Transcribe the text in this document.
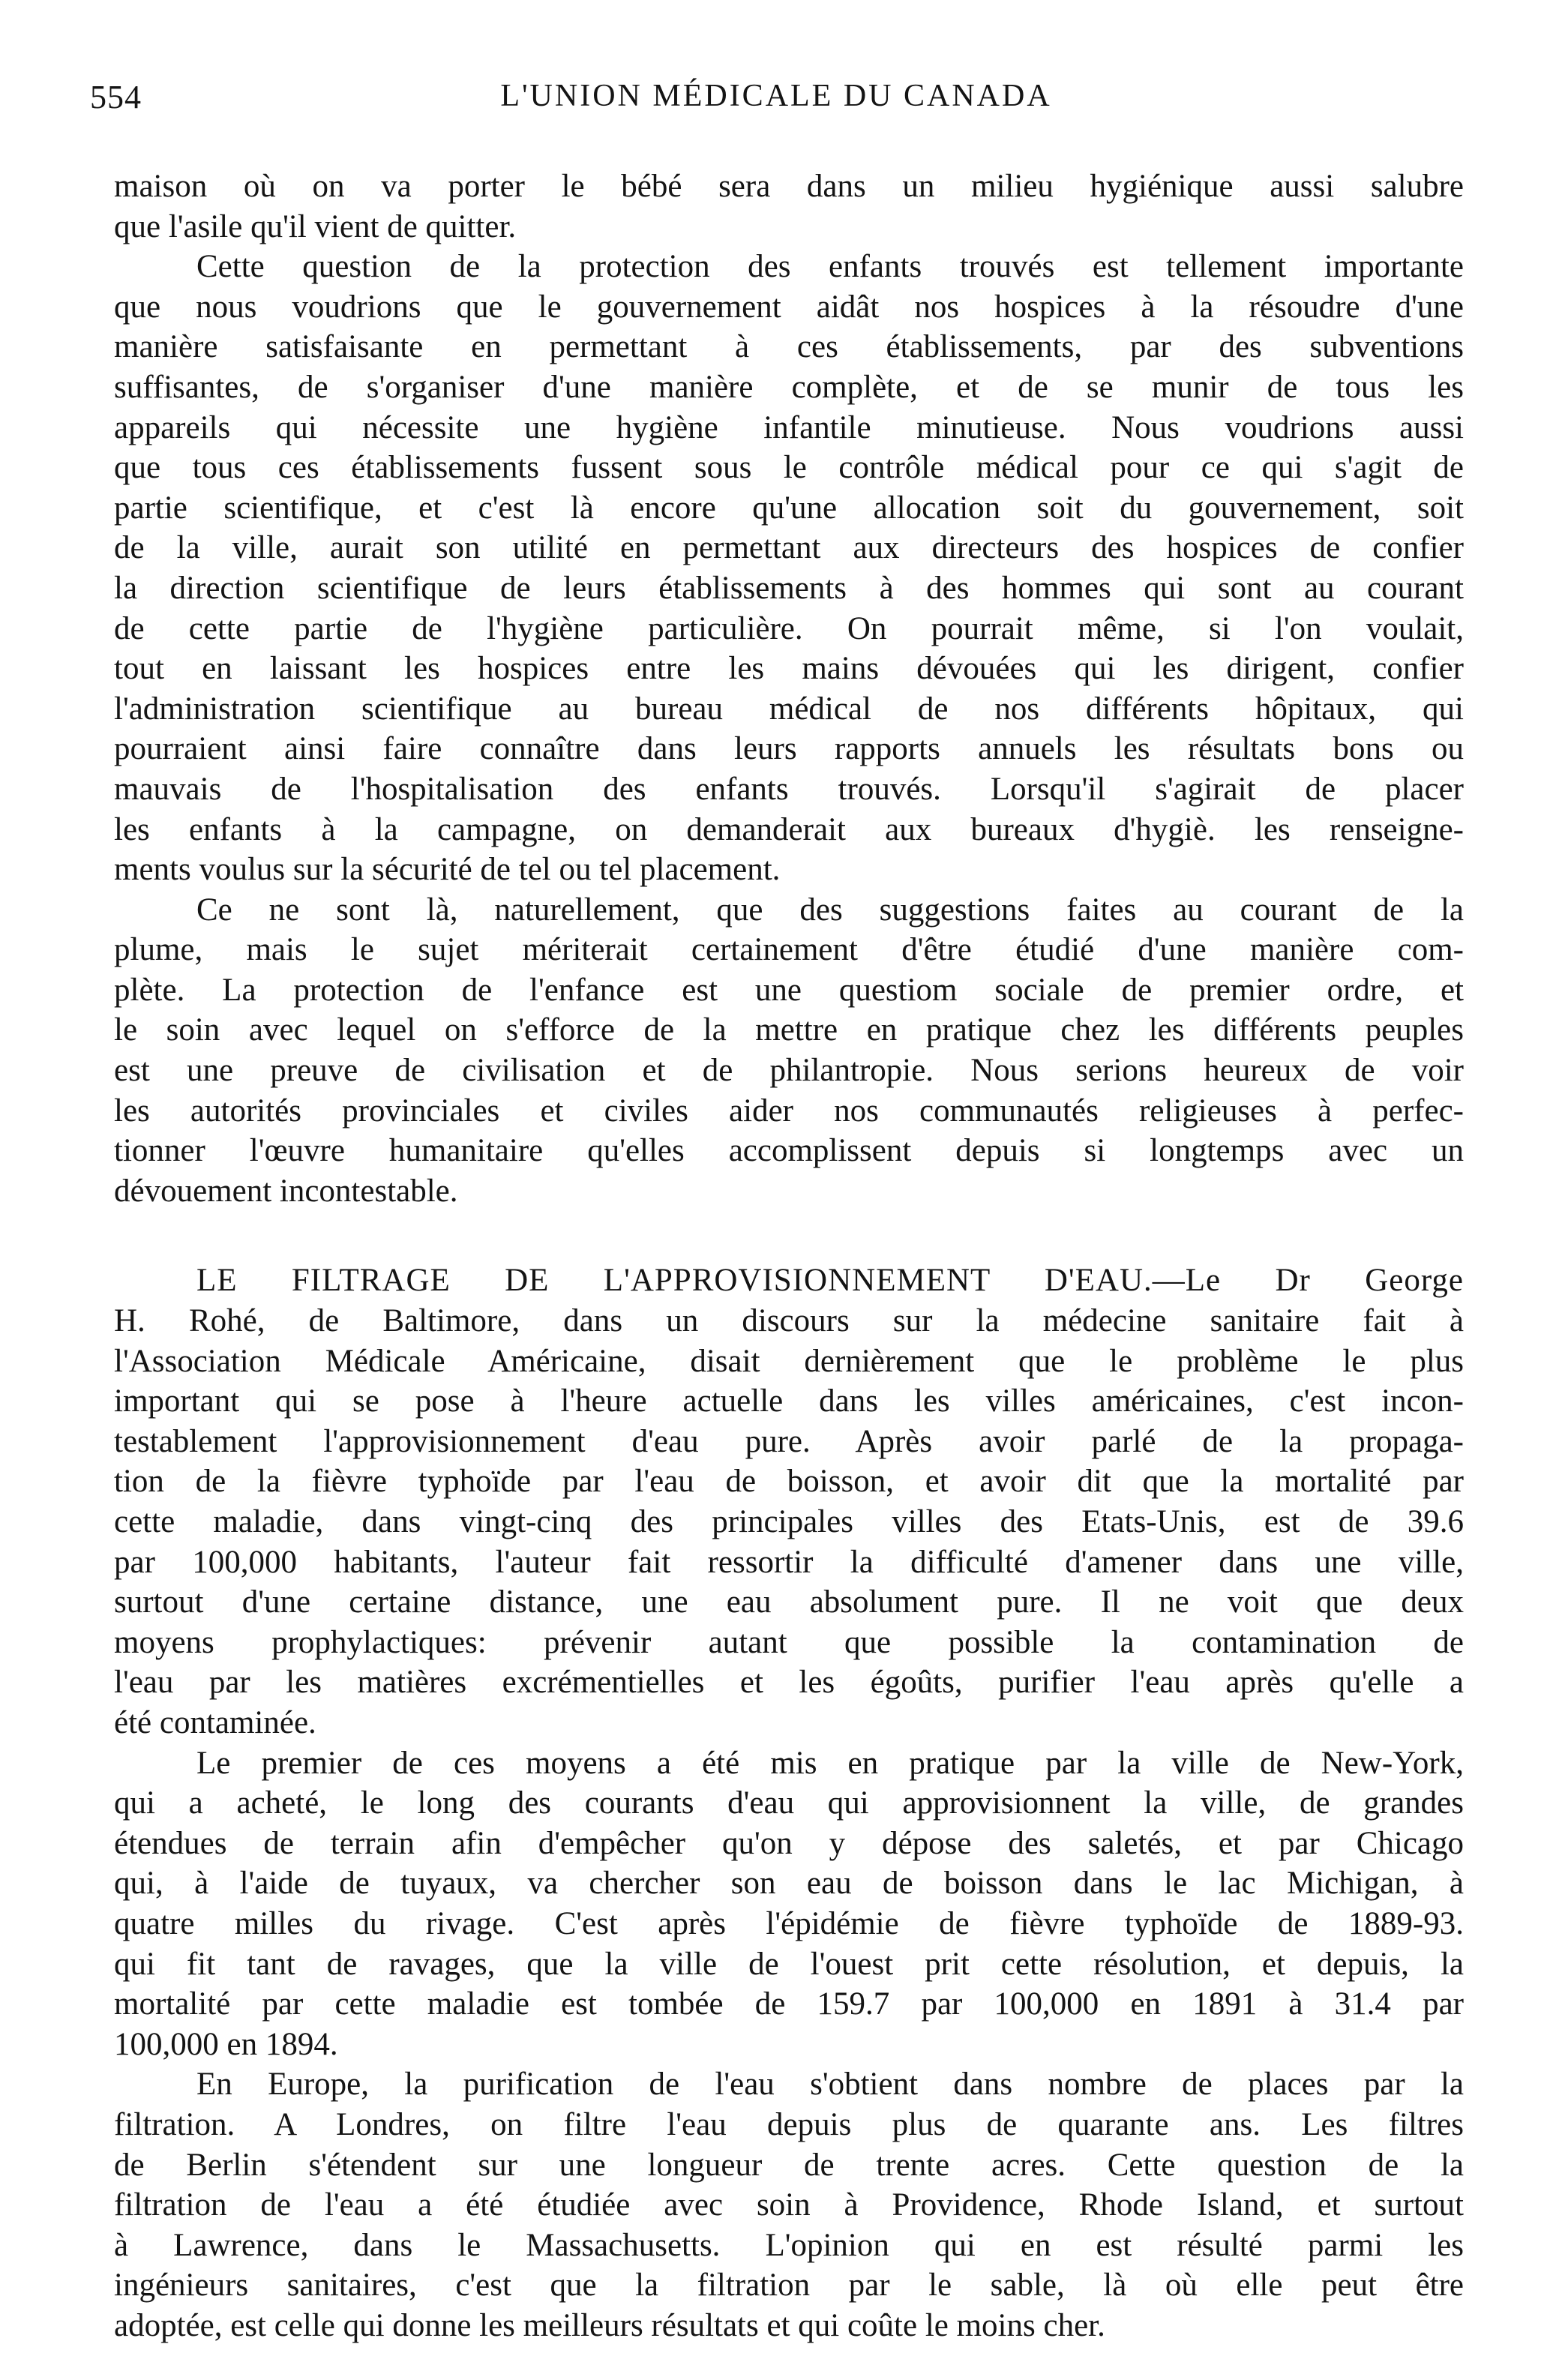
554	L'UNION MÉDICALE DU CANADA
maison où on va porter le bébé sera dans un milieu hygiénique aussi salubre
que l'asile qu'il vient de quitter.
Cette question de la protection des enfants trouvés est tellement importante
que nous voudrions que le gouvernement aidât nos hospices à la résoudre d'une
manière satisfaisante en permettant à ces établissements, par des subventions
suffisantes, de s'organiser d'une manière complète, et de se munir de tous les
appareils qui nécessite une hygiène infantile minutieuse. Nous voudrions aussi
que tous ces établissements fussent sous le contrôle médical pour ce qui s'agit de
partie scientifique, et c'est là encore qu'une allocation soit du gouvernement, soit
de la ville, aurait son utilité en permettant aux directeurs des hospices de confier
la direction scientifique de leurs établissements à des hommes qui sont au courant
de cette partie de l'hygiène particulière. On pourrait même, si l'on voulait,
tout en laissant les hospices entre les mains dévouées qui les dirigent, confier
l'administration scientifique au bureau médical de nos différents hôpitaux, qui
pourraient ainsi faire connaître dans leurs rapports annuels les résultats bons ou
mauvais de l'hospitalisation des enfants trouvés. Lorsqu'il s'agirait de placer
les enfants à la campagne, on demanderait aux bureaux d'hygiè. les renseigne-
ments voulus sur la sécurité de tel ou tel placement.
Ce ne sont là, naturellement, que des suggestions faites au courant de la
plume, mais le sujet mériterait certainement d'être étudié d'une manière com-
plète. La protection de l'enfance est une questiom sociale de premier ordre, et
le soin avec lequel on s'efforce de la mettre en pratique chez les différents peuples
est une preuve de civilisation et de philantropie. Nous serions heureux de voir
les autorités provinciales et civiles aider nos communautés religieuses à perfec-
tionner l'œuvre humanitaire qu'elles accomplissent depuis si longtemps avec un
dévouement incontestable.
LE FILTRAGE DE L'APPROVISIONNEMENT D'EAU.—Le Dr George
H. Rohé, de Baltimore, dans un discours sur la médecine sanitaire fait à
l'Association Médicale Américaine, disait dernièrement que le problème le plus
important qui se pose à l'heure actuelle dans les villes américaines, c'est incon-
testablement l'approvisionnement d'eau pure. Après avoir parlé de la propaga-
tion de la fièvre typhoïde par l'eau de boisson, et avoir dit que la mortalité par
cette maladie, dans vingt-cinq des principales villes des Etats-Unis, est de 39.6
par 100,000 habitants, l'auteur fait ressortir la difficulté d'amener dans une ville,
surtout d'une certaine distance, une eau absolument pure. Il ne voit que deux
moyens prophylactiques: prévenir autant que possible la contamination de
l'eau par les matières excrémentielles et les égoûts, purifier l'eau après qu'elle a
été contaminée.
Le premier de ces moyens a été mis en pratique par la ville de New-York,
qui a acheté, le long des courants d'eau qui approvisionnent la ville, de grandes
étendues de terrain afin d'empêcher qu'on y dépose des saletés, et par Chicago
qui, à l'aide de tuyaux, va chercher son eau de boisson dans le lac Michigan, à
quatre milles du rivage. C'est après l'épidémie de fièvre typhoïde de 1889-93.
qui fit tant de ravages, que la ville de l'ouest prit cette résolution, et depuis, la
mortalité par cette maladie est tombée de 159.7 par 100,000 en 1891 à 31.4 par
100,000 en 1894.
En Europe, la purification de l'eau s'obtient dans nombre de places par la
filtration. A Londres, on filtre l'eau depuis plus de quarante ans. Les filtres
de Berlin s'étendent sur une longueur de trente acres. Cette question de la
filtration de l'eau a été étudiée avec soin à Providence, Rhode Island, et surtout
à Lawrence, dans le Massachusetts. L'opinion qui en est résulté parmi les
ingénieurs sanitaires, c'est que la filtration par le sable, là où elle peut être
adoptée, est celle qui donne les meilleurs résultats et qui coûte le moins cher.
